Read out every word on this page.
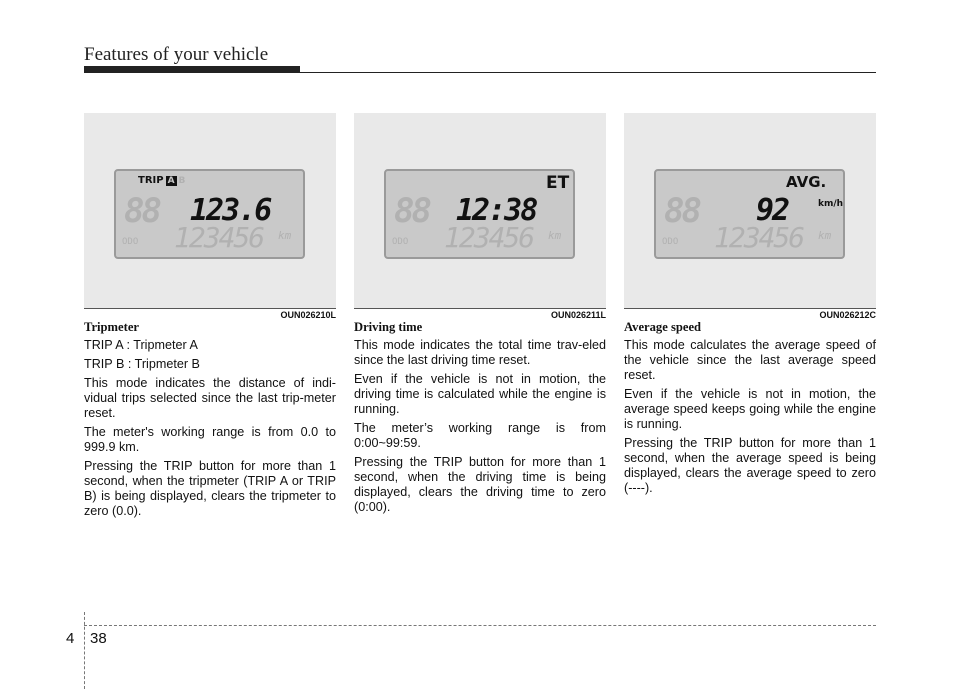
Features of your vehicle
TRIP A B
88 123.6
ODO 123456 km
OUN026210L
Tripmeter

TRIP A : Tripmeter A

TRIP B : Tripmeter B

This mode indicates the distance of indi-vidual trips selected since the last trip-meter reset.

The meter's working range is from 0.0 to 999.9 km.

Pressing the TRIP button for more than 1 second, when the tripmeter (TRIP A or TRIP B) is being displayed, clears the tripmeter to zero (0.0).

ET
88 12:38
ODO 123456 km
OUN026211L
Driving time

This mode indicates the total time trav-eled since the last driving time reset.

Even if the vehicle is not in motion, the driving time is calculated while the engine is running.

The meter’s working range is from 0:00~99:59.

Pressing the TRIP button for more than 1 second, when the driving time is being displayed, clears the driving time to zero (0:00).

AVG.
km/h
88 92
ODO 123456 km
OUN026212C
Average speed

This mode calculates the average speed of the vehicle since the last average speed reset.

Even if the vehicle is not in motion, the average speed keeps going while the engine is running.

Pressing the TRIP button for more than 1 second, when the average speed is being displayed, clears the average speed to zero (----).

4 38
